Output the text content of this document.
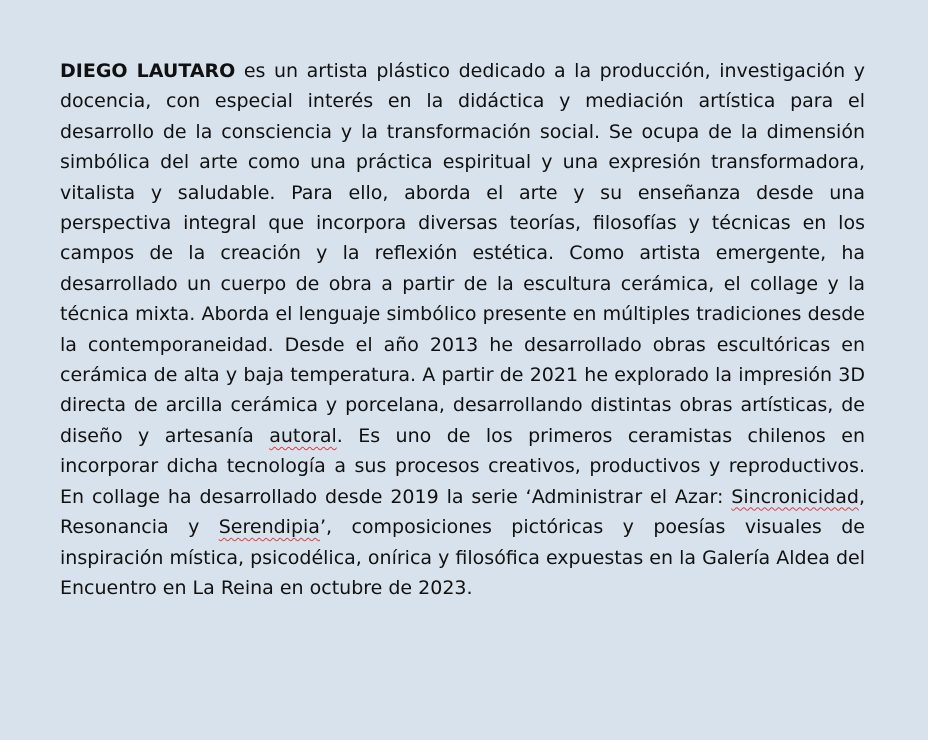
DIEGO LAUTARO es un artista plástico dedicado a la producción, investigación y docencia, con especial interés en la didáctica y mediación artística para el desarrollo de la consciencia y la transformación social. Se ocupa de la dimensión simbólica del arte como una práctica espiritual y una expresión transformadora, vitalista y saludable. Para ello, aborda el arte y su enseñanza desde una perspectiva integral que incorpora diversas teorías, filosofías y técnicas en los campos de la creación y la reflexión estética. Como artista emergente, ha desarrollado un cuerpo de obra a partir de la escultura cerámica, el collage y la técnica mixta. Aborda el lenguaje simbólico presente en múltiples tradiciones desde la contemporaneidad. Desde el año 2013 he desarrollado obras escultóricas en cerámica de alta y baja temperatura. A partir de 2021 he explorado la impresión 3D directa de arcilla cerámica y porcelana, desarrollando distintas obras artísticas, de diseño y artesanía autoral. Es uno de los primeros ceramistas chilenos en incorporar dicha tecnología a sus procesos creativos, productivos y reproductivos. En collage ha desarrollado desde 2019 la serie ‘Administrar el Azar: Sincronicidad, Resonancia y Serendipia’, composiciones pictóricas y poesías visuales de inspiración mística, psicodélica, onírica y filosófica expuestas en la Galería Aldea del Encuentro en La Reina en octubre de 2023.
